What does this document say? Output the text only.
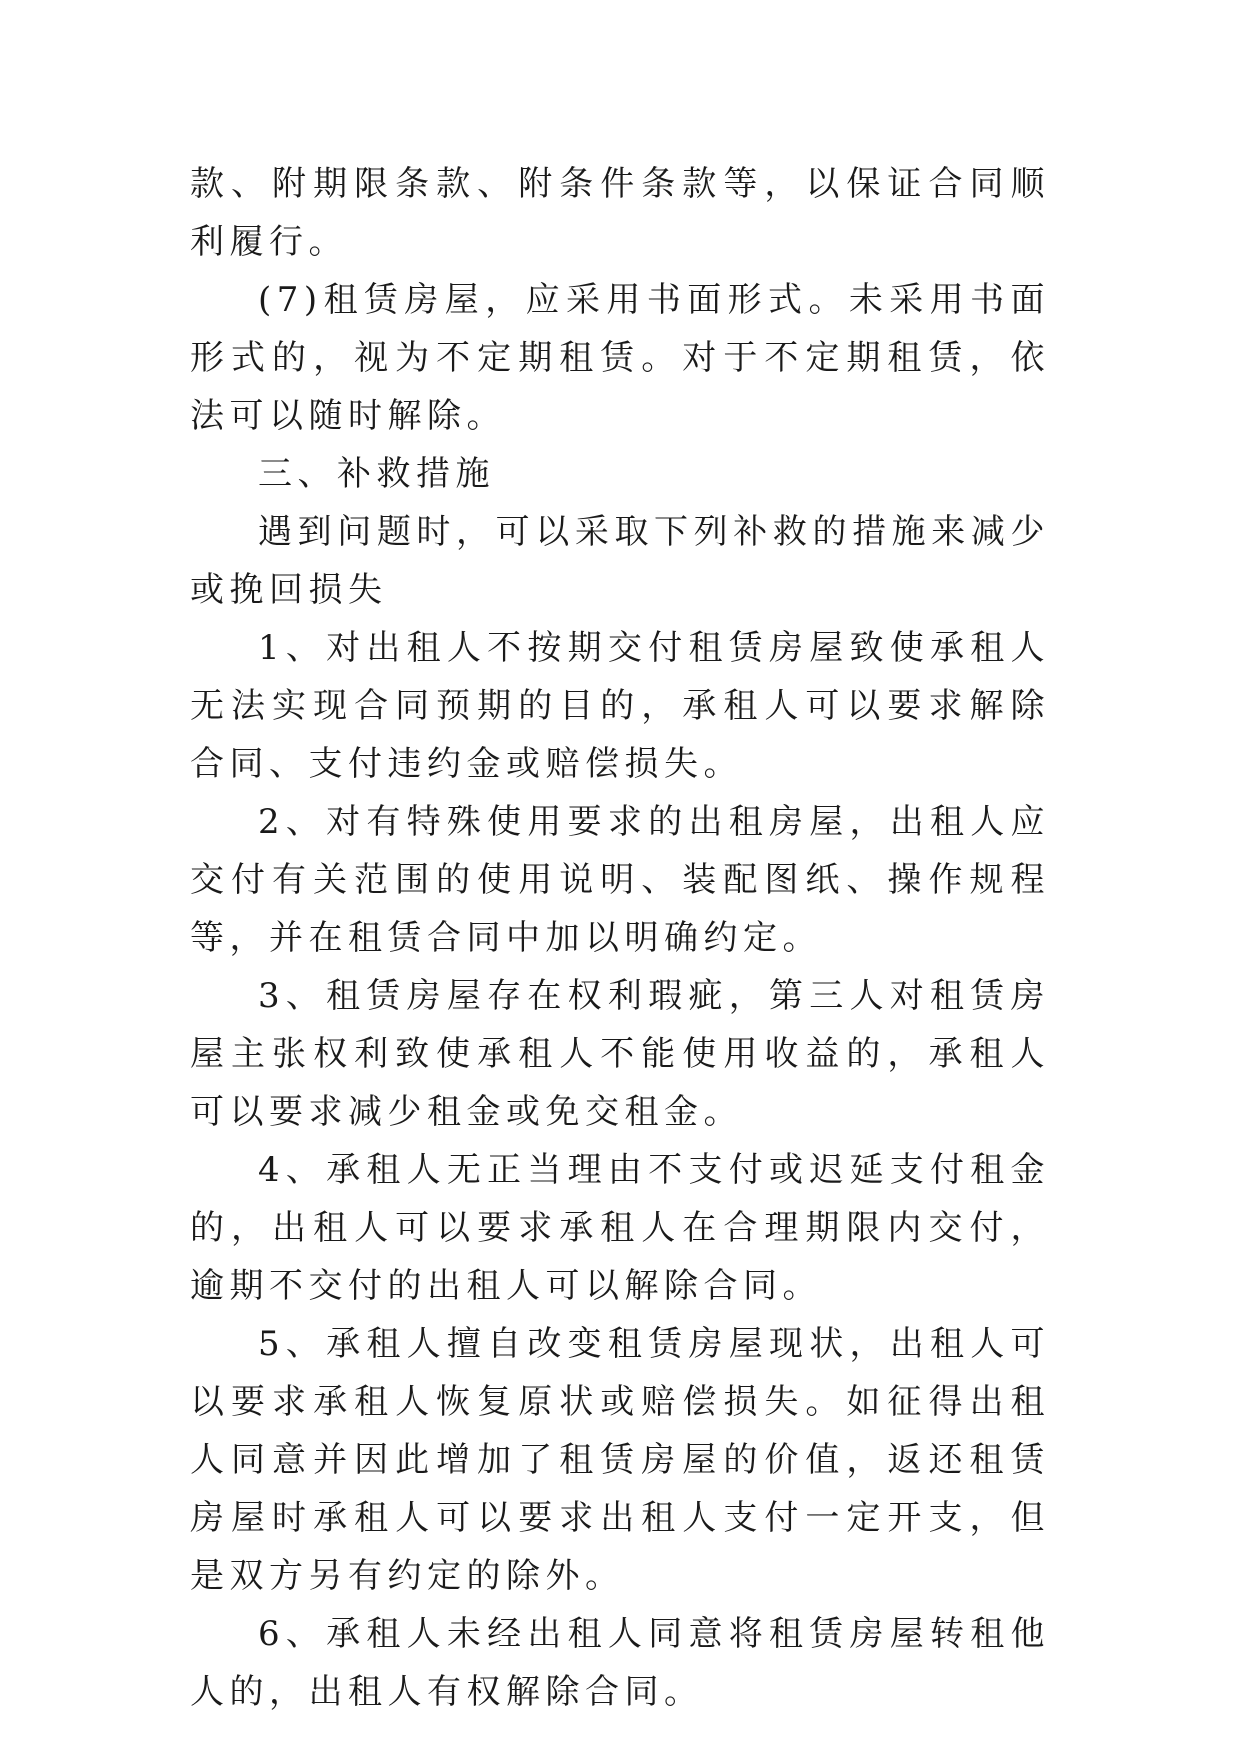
款、附期限条款、附条件条款等，以保证合同顺利履行。

(7)租赁房屋，应采用书面形式。未采用书面形式的，视为不定期租赁。对于不定期租赁，依法可以随时解除。

三、补救措施

遇到问题时，可以采取下列补救的措施来减少或挽回损失

1、对出租人不按期交付租赁房屋致使承租人无法实现合同预期的目的，承租人可以要求解除合同、支付违约金或赔偿损失。

2、对有特殊使用要求的出租房屋，出租人应交付有关范围的使用说明、装配图纸、操作规程等，并在租赁合同中加以明确约定。

3、租赁房屋存在权利瑕疵，第三人对租赁房屋主张权利致使承租人不能使用收益的，承租人可以要求减少租金或免交租金。

4、承租人无正当理由不支付或迟延支付租金的，出租人可以要求承租人在合理期限内交付，逾期不交付的出租人可以解除合同。

5、承租人擅自改变租赁房屋现状，出租人可以要求承租人恢复原状或赔偿损失。如征得出租人同意并因此增加了租赁房屋的价值，返还租赁房屋时承租人可以要求出租人支付一定开支，但是双方另有约定的除外。

6、承租人未经出租人同意将租赁房屋转租他人的，出租人有权解除合同。
